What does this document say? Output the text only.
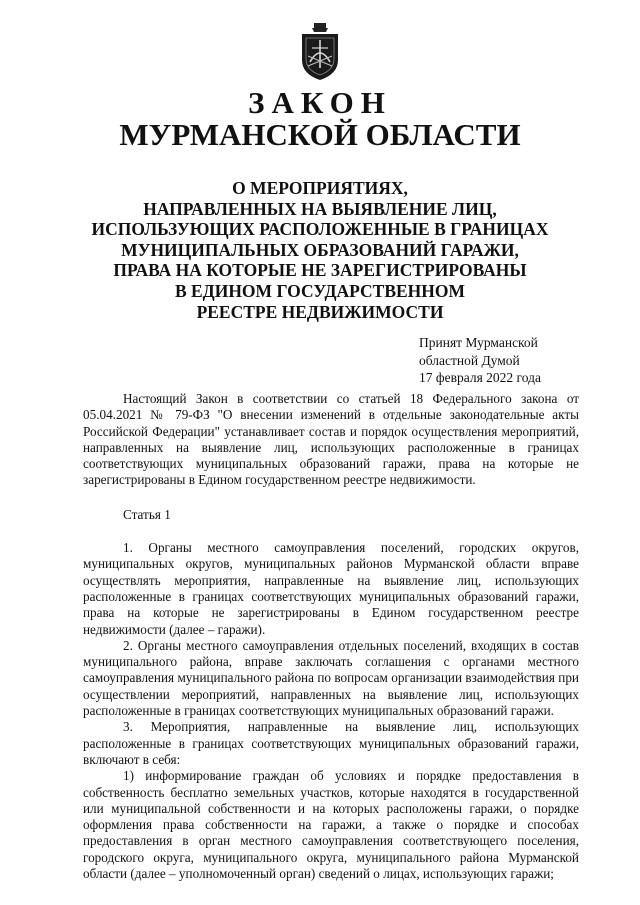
ЗАКОН
МУРМАНСКОЙ ОБЛАСТИ
О МЕРОПРИЯТИЯХ,
НАПРАВЛЕННЫХ НА ВЫЯВЛЕНИЕ ЛИЦ,
ИСПОЛЬЗУЮЩИХ РАСПОЛОЖЕННЫЕ В ГРАНИЦАХ
МУНИЦИПАЛЬНЫХ ОБРАЗОВАНИЙ ГАРАЖИ,
ПРАВА НА КОТОРЫЕ НЕ ЗАРЕГИСТРИРОВАНЫ
В ЕДИНОМ ГОСУДАРСТВЕННОМ
РЕЕСТРЕ НЕДВИЖИМОСТИ
Принят Мурманской
областной Думой
17 февраля 2022 года

Настоящий Закон в соответствии со статьей 18 Федерального закона от 05.04.2021 № 79-ФЗ "О внесении изменений в отдельные законодательные акты Российской Федерации" устанавливает состав и порядок осуществления мероприятий, направленных на выявление лиц, использующих расположенные в границах соответствующих муниципальных образований гаражи, права на которые не зарегистрированы в Едином государственном реестре недвижимости.

Статья 1

1. Органы местного самоуправления поселений, городских округов, муниципальных округов, муниципальных районов Мурманской области вправе осуществлять мероприятия, направленные на выявление лиц, использующих расположенные в границах соответствующих муниципальных образований гаражи, права на которые не зарегистрированы в Едином государственном реестре недвижимости (далее – гаражи).

2. Органы местного самоуправления отдельных поселений, входящих в состав муниципального района, вправе заключать соглашения с органами местного самоуправления муниципального района по вопросам организации взаимодействия при осуществлении мероприятий, направленных на выявление лиц, использующих расположенные в границах соответствующих муниципальных образований гаражи.

3. Мероприятия, направленные на выявление лиц, использующих расположенные в границах соответствующих муниципальных образований гаражи, включают в себя:

1) информирование граждан об условиях и порядке предоставления в собственность бесплатно земельных участков, которые находятся в государственной или муниципальной собственности и на которых расположены гаражи, о порядке оформления права собственности на гаражи, а также о порядке и способах предоставления в орган местного самоуправления соответствующего поселения, городского округа, муниципального округа, муниципального района Мурманской области (далее – уполномоченный орган) сведений о лицах, использующих гаражи;
